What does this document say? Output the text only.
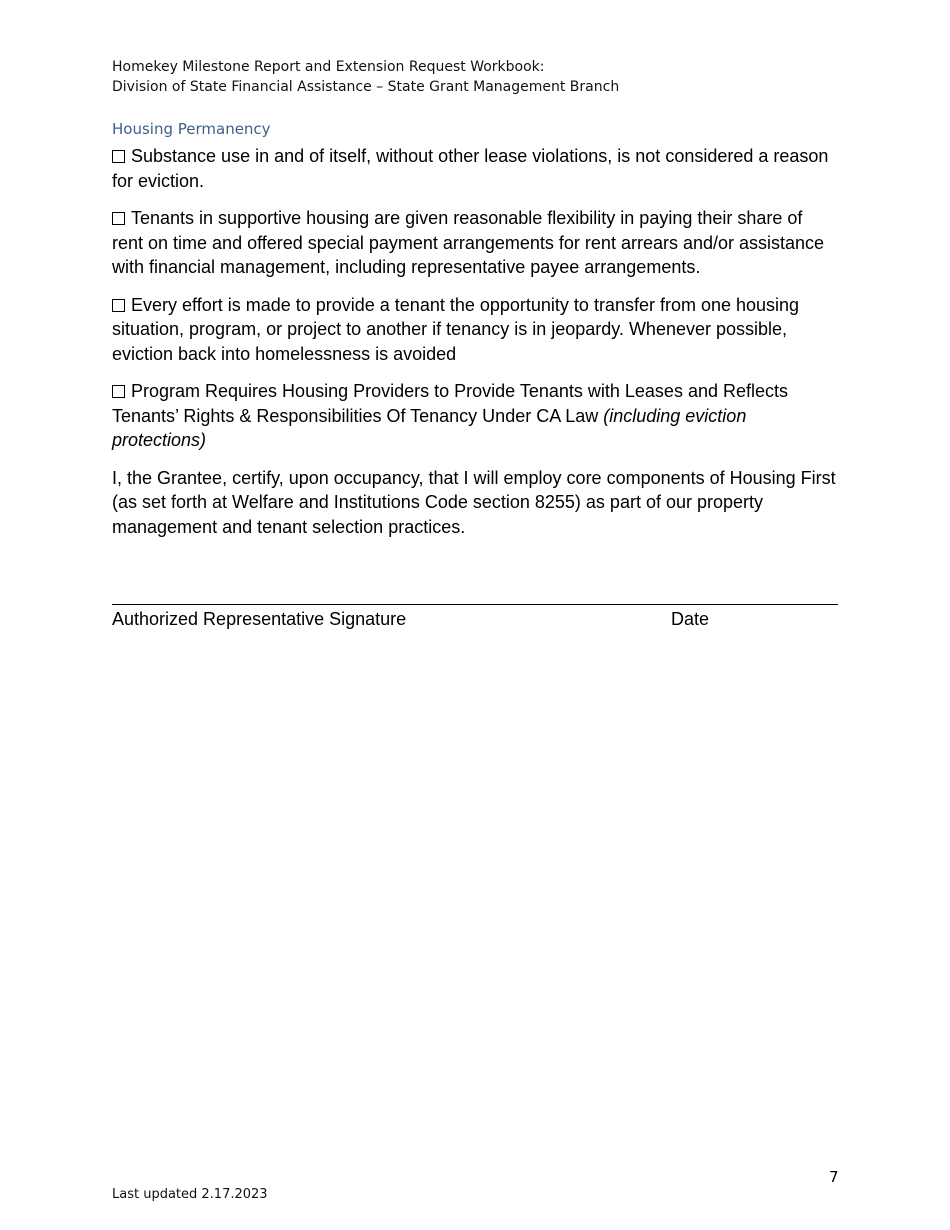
Homekey Milestone Report and Extension Request Workbook:
Division of State Financial Assistance – State Grant Management Branch
Housing Permanency
Substance use in and of itself, without other lease violations, is not considered a reason for eviction.
Tenants in supportive housing are given reasonable flexibility in paying their share of rent on time and offered special payment arrangements for rent arrears and/or assistance with financial management, including representative payee arrangements.
Every effort is made to provide a tenant the opportunity to transfer from one housing situation, program, or project to another if tenancy is in jeopardy. Whenever possible, eviction back into homelessness is avoided
Program Requires Housing Providers to Provide Tenants with Leases and Reflects Tenants’ Rights & Responsibilities Of Tenancy Under CA Law (including eviction protections)
I, the Grantee, certify, upon occupancy, that I will employ core components of Housing First (as set forth at Welfare and Institutions Code section 8255) as part of our property management and tenant selection practices.
Authorized Representative Signature	Date
7
Last updated 2.17.2023
